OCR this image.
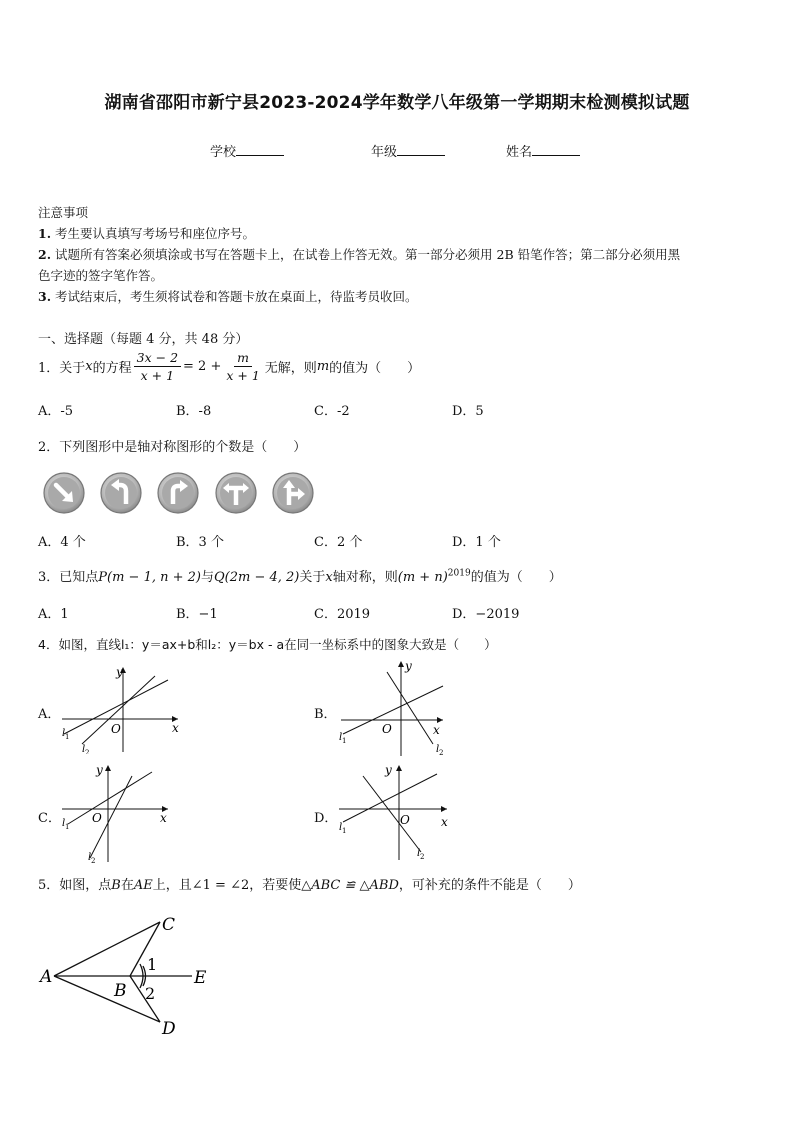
湖南省邵阳市新宁县2023-2024学年数学八年级第一学期期末检测模拟试题
学校	年级	姓名
注意事项
1. 考生要认真填写考场号和座位序号。
2. 试题所有答案必须填涂或书写在答题卡上，在试卷上作答无效。第一部分必须用 2B 铅笔作答；第二部分必须用黑
色字迹的签字笔作答。
3. 考试结束后，考生须将试卷和答题卡放在桌面上，待监考员收回。
一、选择题（每题 4 分，共 48 分）
1．关于 x 的方程 $\frac{3x - 2}{x + 1} = 2 + \frac{m}{x + 1}$ 无解，则 m 的值为（　　）
A．-5	B．-8	C．-2	D．5
2．下列图形中是轴对称图形的个数是（　　）
A．4 个	B．3 个	C．2 个	D．1 个
3．已知点P(m − 1, n + 2)与Q(2m − 4, 2)关于x轴对称，则$(m + n)^{2019}$的值为（　　）
A．1	B．−1	C．2019	D．−2019
4．如图，直线l₁：y＝ax+b和l₂：y＝bx - a在同一坐标系中的图象大致是（　　）
A．	B．
C．	D．
y
x
O
l 1
l 2
y
x
O
l 1
l 2
y
x
O
l 1
l 2
y
x
O
l 1
l 2
5．如图，点B在AE上，且∠1 = ∠2，若要使△ABC ≌ △ABD，可补充的条件不能是（　　）
A
B
C
D
E
1
2
